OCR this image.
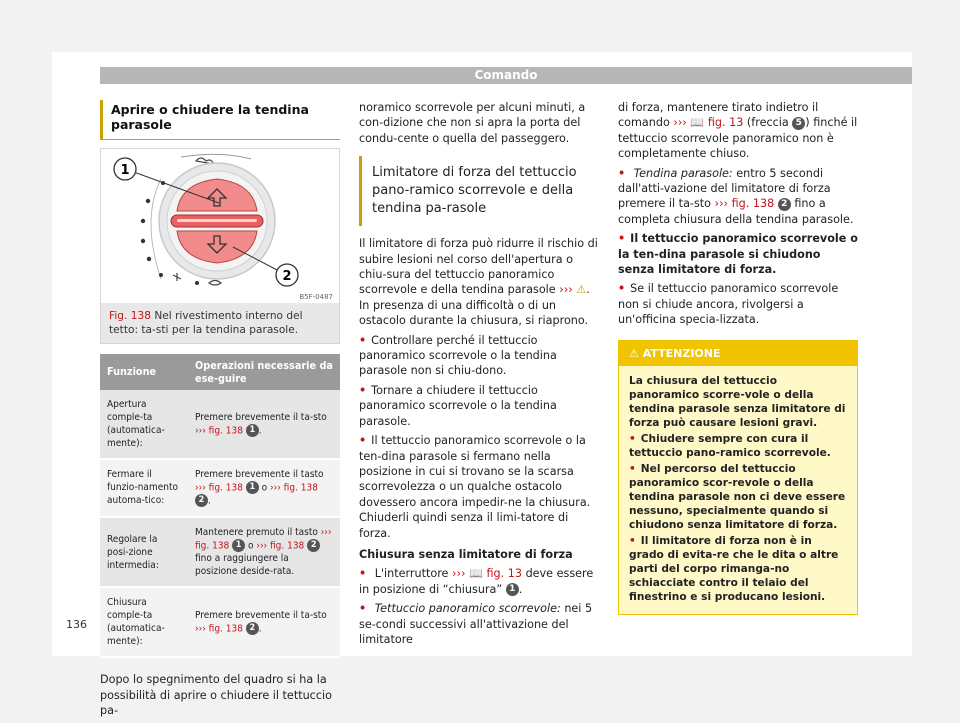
Comando
Aprire o chiudere la tendina parasole
1
2
B5F-0487
Fig. 138 Nel rivestimento interno del tetto: ta-sti per la tendina parasole.
Funzione	Operazioni necessarie da ese-guire
Apertura comple-ta (automatica-mente):	Premere brevemente il ta-sto ››› fig. 138 1 .
Fermare il funzio-namento automa-tico:	Premere brevemente il tasto ››› fig. 138 1 o ››› fig. 138 2 .
Regolare la posi-zione intermedia:	Mantenere premuto il tasto ››› fig. 138 1 o ››› fig. 138 2 fino a raggiungere la posizione deside-rata.
Chiusura comple-ta (automatica-mente):	Premere brevemente il ta-sto ››› fig. 138 2 .

Dopo lo spegnimento del quadro si ha la possibilità di aprire o chiudere il tettuccio pa-

noramico scorrevole per alcuni minuti, a con-dizione che non si apra la porta del condu-cente o quella del passeggero.

Limitatore di forza del tettuccio pano-ramico scorrevole e della tendina pa-rasole

Il limitatore di forza può ridurre il rischio di subire lesioni nel corso dell'apertura o chiu-sura del tettuccio panoramico scorrevole e della tendina parasole ››› ⚠. In presenza di una difficoltà o di un ostacolo durante la chiusura, si riaprono.

• Controllare perché il tettuccio panoramico scorrevole o la tendina parasole non si chiu-dono.

• Tornare a chiudere il tettuccio panoramico scorrevole o la tendina parasole.

• Il tettuccio panoramico scorrevole o la ten-dina parasole si fermano nella posizione in cui si trovano se la scarsa scorrevolezza o un qualche ostacolo dovessero ancora impedir-ne la chiusura. Chiuderli quindi senza il limi-tatore di forza.

Chiusura senza limitatore di forza

• L'interruttore ››› 📖 fig. 13 deve essere in posizione di “chiusura” 1 .

• Tettuccio panoramico scorrevole: nei 5 se-condi successivi all'attivazione del limitatore

di forza, mantenere tirato indietro il comando ››› 📖 fig. 13 (freccia 5 ) finché il tettuccio scorrevole panoramico non è completamente chiuso.

• Tendina parasole: entro 5 secondi dall'atti-vazione del limitatore di forza premere il ta-sto ››› fig. 138 2 fino a completa chiusura della tendina parasole.

• Il tettuccio panoramico scorrevole o la ten-dina parasole si chiudono senza limitatore di forza.

• Se il tettuccio panoramico scorrevole non si chiude ancora, rivolgersi a un'officina specia-lizzata.

⚠ ATTENZIONE

La chiusura del tettuccio panoramico scorre-vole o della tendina parasole senza limitatore di forza può causare lesioni gravi.

• Chiudere sempre con cura il tettuccio pano-ramico scorrevole.

• Nel percorso del tettuccio panoramico scor-revole o della tendina parasole non ci deve essere nessuno, specialmente quando si chiudono senza limitatore di forza.

• Il limitatore di forza non è in grado di evita-re che le dita o altre parti del corpo rimanga-no schiacciate contro il telaio del finestrino e si producano lesioni.

136
